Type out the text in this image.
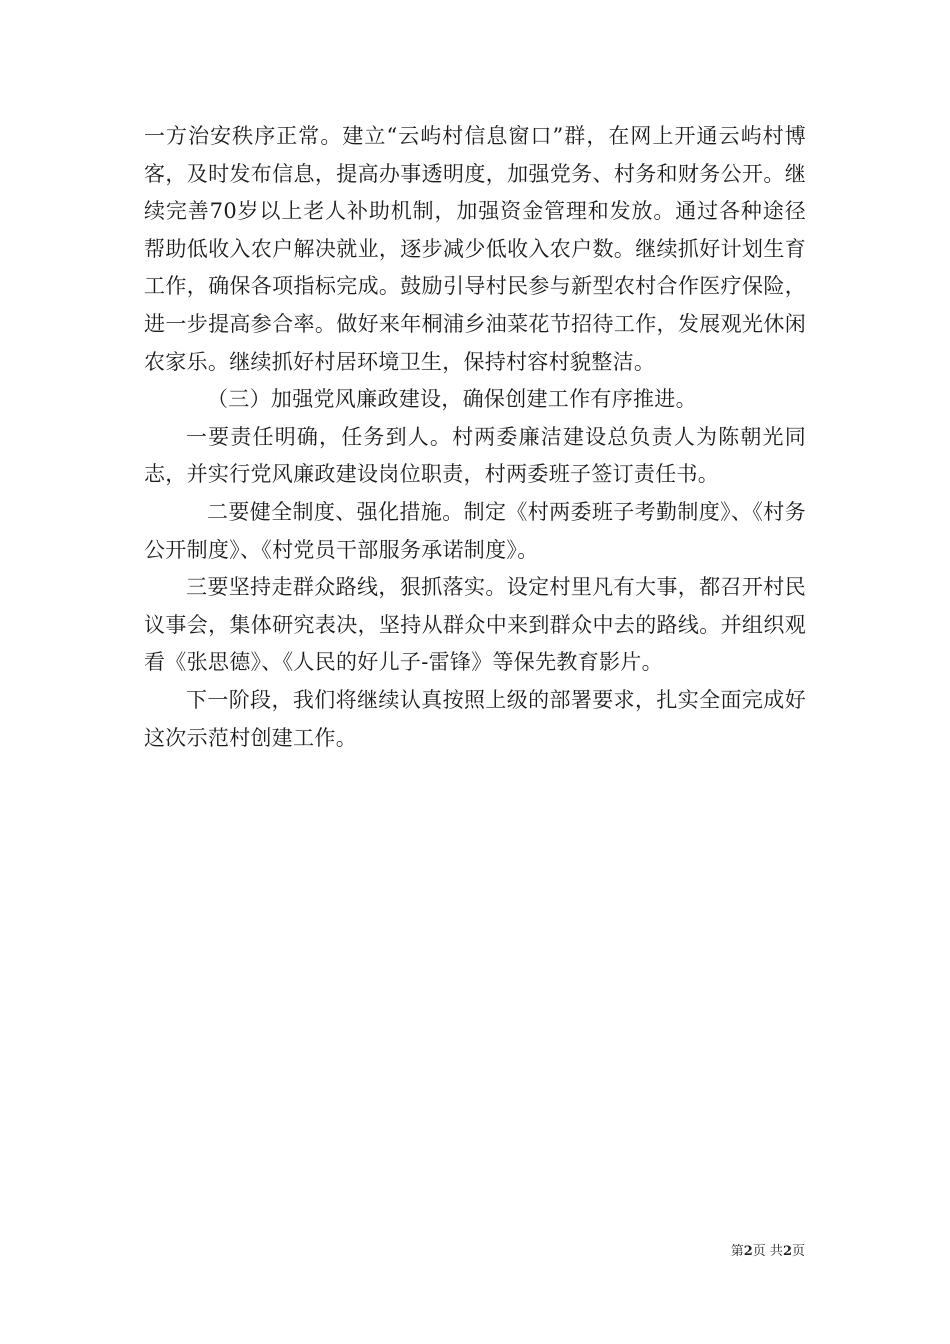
一方治安秩序正常。建立“云屿村信息窗口”群，在网上开通云屿村博客，及时发布信息，提高办事透明度，加强党务、村务和财务公开。继续完善70岁以上老人补助机制，加强资金管理和发放。通过各种途径帮助低收入农户解决就业，逐步减少低收入农户数。继续抓好计划生育工作，确保各项指标完成。鼓励引导村民参与新型农村合作医疗保险，进一步提高参合率。做好来年桐浦乡油菜花节招待工作，发展观光休闲农家乐。继续抓好村居环境卫生，保持村容村貌整洁。

（三）加强党风廉政建设，确保创建工作有序推进。

一要责任明确，任务到人。村两委廉洁建设总负责人为陈朝光同志，并实行党风廉政建设岗位职责，村两委班子签订责任书。

二要健全制度、强化措施。制定《村两委班子考勤制度》、《村务公开制度》、《村党员干部服务承诺制度》。

三要坚持走群众路线，狠抓落实。设定村里凡有大事，都召开村民议事会，集体研究表决，坚持从群众中来到群众中去的路线。并组织观看《张思德》、《人民的好儿子-雷锋》等保先教育影片。

下一阶段，我们将继续认真按照上级的部署要求，扎实全面完成好这次示范村创建工作。

第2页 共2页
